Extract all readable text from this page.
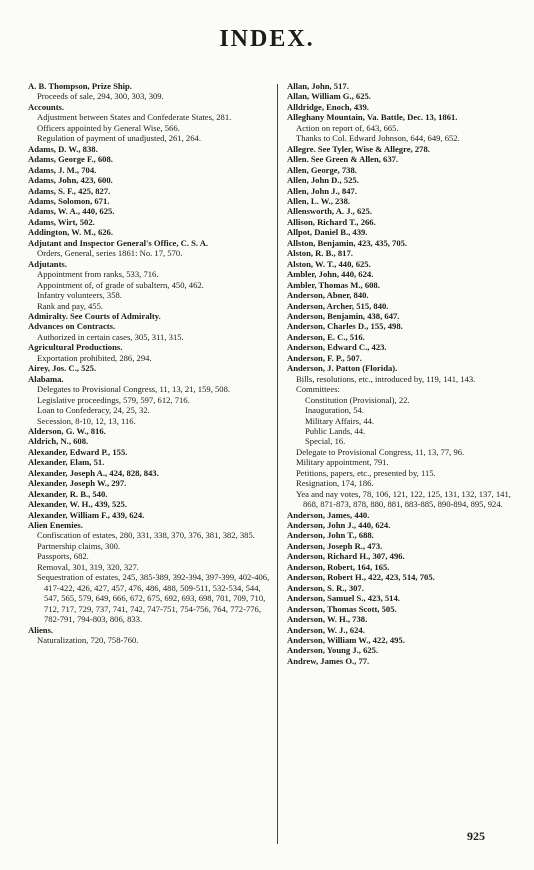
INDEX.
A. B. Thompson, Prize Ship.
Proceeds of sale, 294, 300, 303, 309.
Accounts.
Adjustment between States and Confederate States, 281.
Officers appointed by General Wise, 566.
Regulation of payment of unadjusted, 261, 264.
Adams, D. W., 838.
Adams, George F., 608.
Adams, J. M., 704.
Adams, John, 423, 600.
Adams, S. F., 425, 827.
Adams, Solomon, 671.
Adams, W. A., 440, 625.
Adams, Wirt, 502.
Addington, W. M., 626.
Adjutant and Inspector General's Office, C. S. A.
Orders, General, series 1861: No. 17, 570.
Adjutants.
Appointment from ranks, 533, 716.
Appointment of, of grade of subaltern, 450, 462.
Infantry volunteers, 358.
Rank and pay, 455.
Admiralty. See Courts of Admiralty.
Advances on Contracts.
Authorized in certain cases, 305, 311, 315.
Agricultural Productions.
Exportation prohibited, 286, 294.
Airey, Jos. C., 525.
Alabama.
Delegates to Provisional Congress, 11, 13, 21, 159, 508.
Legislative proceedings, 579, 597, 612, 716.
Loan to Confederacy, 24, 25, 32.
Secession, 8-10, 12, 13, 116.
Alderson, G. W., 816.
Aldrich, N., 608.
Alexander, Edward P., 155.
Alexander, Elam, 51.
Alexander, Joseph A., 424, 828, 843.
Alexander, Joseph W., 297.
Alexander, R. B., 540.
Alexander, W. H., 439, 525.
Alexander, William F., 439, 624.
Alien Enemies.
Confiscation of estates, 280, 331, 338, 370, 376, 381, 382, 385.
Partnership claims, 300.
Passports, 682.
Removal, 301, 319, 320, 327.
Sequestration of estates, 245, 385-389, 392-394, 397-399, 402-406, 417-422, 426, 427, 457, 476, 486, 488, 509-511, 532-534, 544, 547, 565, 579, 649, 666, 672, 675, 692, 693, 698, 701, 709, 710, 712, 717, 729, 737, 741, 742, 747-751, 754-756, 764, 772-776, 782-791, 794-803, 806, 833.
Aliens.
Naturalization, 720, 758-760.
Allan, John, 517.
Allan, William G., 625.
Alldridge, Enoch, 439.
Alleghany Mountain, Va. Battle, Dec. 13, 1861.
Action on report of, 643, 665.
Thanks to Col. Edward Johnson, 644, 649, 652.
Allegre. See Tyler, Wise & Allegre, 278.
Allen. See Green & Allen, 637.
Allen, George, 738.
Allen, John D., 525.
Allen, John J., 847.
Allen, L. W., 238.
Allensworth, A. J., 625.
Allison, Richard T., 266.
Allpot, Daniel B., 439.
Allston, Benjamin, 423, 435, 705.
Alston, R. B., 817.
Alston, W. T., 440, 625.
Ambler, John, 440, 624.
Ambler, Thomas M., 608.
Anderson, Abner, 840.
Anderson, Archer, 515, 840.
Anderson, Benjamin, 438, 647.
Anderson, Charles D., 155, 498.
Anderson, E. C., 516.
Anderson, Edward C., 423.
Anderson, F. P., 507.
Anderson, J. Patton (Florida).
Bills, resolutions, etc., introduced by, 119, 141, 143.
Committees:
Constitution (Provisional), 22.
Inauguration, 54.
Military Affairs, 44.
Public Lands, 44.
Special, 16.
Delegate to Provisional Congress, 11, 13, 77, 96.
Military appointment, 791.
Petitions, papers, etc., presented by, 115.
Resignation, 174, 186.
Yea and nay votes, 78, 106, 121, 122, 125, 131, 132, 137, 141, 868, 871-873, 878, 880, 881, 883-885, 890-894, 895, 924.
Anderson, James, 440.
Anderson, John J., 440, 624.
Anderson, John T., 688.
Anderson, Joseph R., 473.
Anderson, Richard H., 307, 496.
Anderson, Robert, 164, 165.
Anderson, Robert H., 422, 423, 514, 705.
Anderson, S. R., 307.
Anderson, Samuel S., 423, 514.
Anderson, Thomas Scott, 505.
Anderson, W. H., 738.
Anderson, W. J., 624.
Anderson, William W., 422, 495.
Anderson, Young J., 625.
Andrew, James O., 77.
925
